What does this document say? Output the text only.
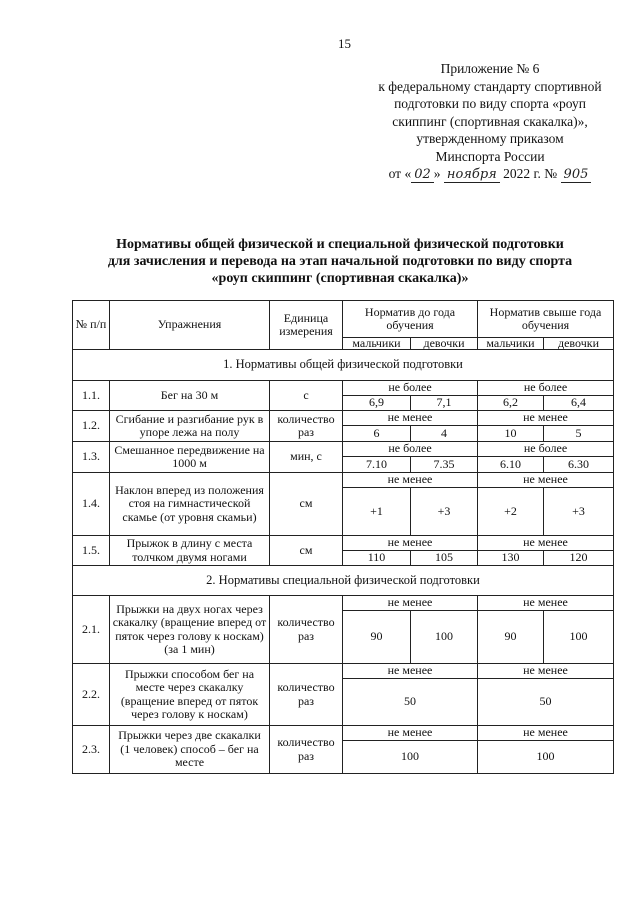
15
Приложение № 6
к федеральному стандарту спортивной
подготовки по виду спорта «роуп
скиппинг (спортивная скакалка)»,
утвержденному приказом
Минспорта России
от « 02 » ноября 2022 г. № 905
Нормативы общей физической и специальной физической подготовки
для зачисления и перевода на этап начальной подготовки по виду спорта
«роуп скиппинг (спортивная скакалка)»
№ п/п	Упражнения	Единица измерения	Норматив до года обучения		Норматив свыше года обучения	
			мальчики	девочки	мальчики	девочки
1. Нормативы общей физической подготовки						
1.1.	Бег на 30 м	с	не более		не более	
			6,9	7,1	6,2	6,4
1.2.	Сгибание и разгибание рук в упоре лежа на полу	количество раз	не менее		не менее	
			6	4	10	5
1.3.	Смешанное передвижение на 1000 м	мин, с	не более		не более	
			7.10	7.35	6.10	6.30
1.4.	Наклон вперед из положения стоя на гимнастической скамье (от уровня скамьи)	см	не менее		не менее	
			+1	+3	+2	+3
1.5.	Прыжок в длину с места толчком двумя ногами	см	не менее		не менее	
			110	105	130	120
2. Нормативы специальной физической подготовки						
2.1.	Прыжки на двух ногах через скакалку (вращение вперед от пяток через голову к носкам) (за 1 мин)	количество раз	не менее		не менее	
			90	100	90	100
2.2.	Прыжки способом бег на месте через скакалку (вращение вперед от пяток через голову к носкам)	количество раз	не менее		не менее	
			50		50	
2.3.	Прыжки через две скакалки (1 человек) способ – бег на месте	количество раз	не менее		не менее	
			100		100	
